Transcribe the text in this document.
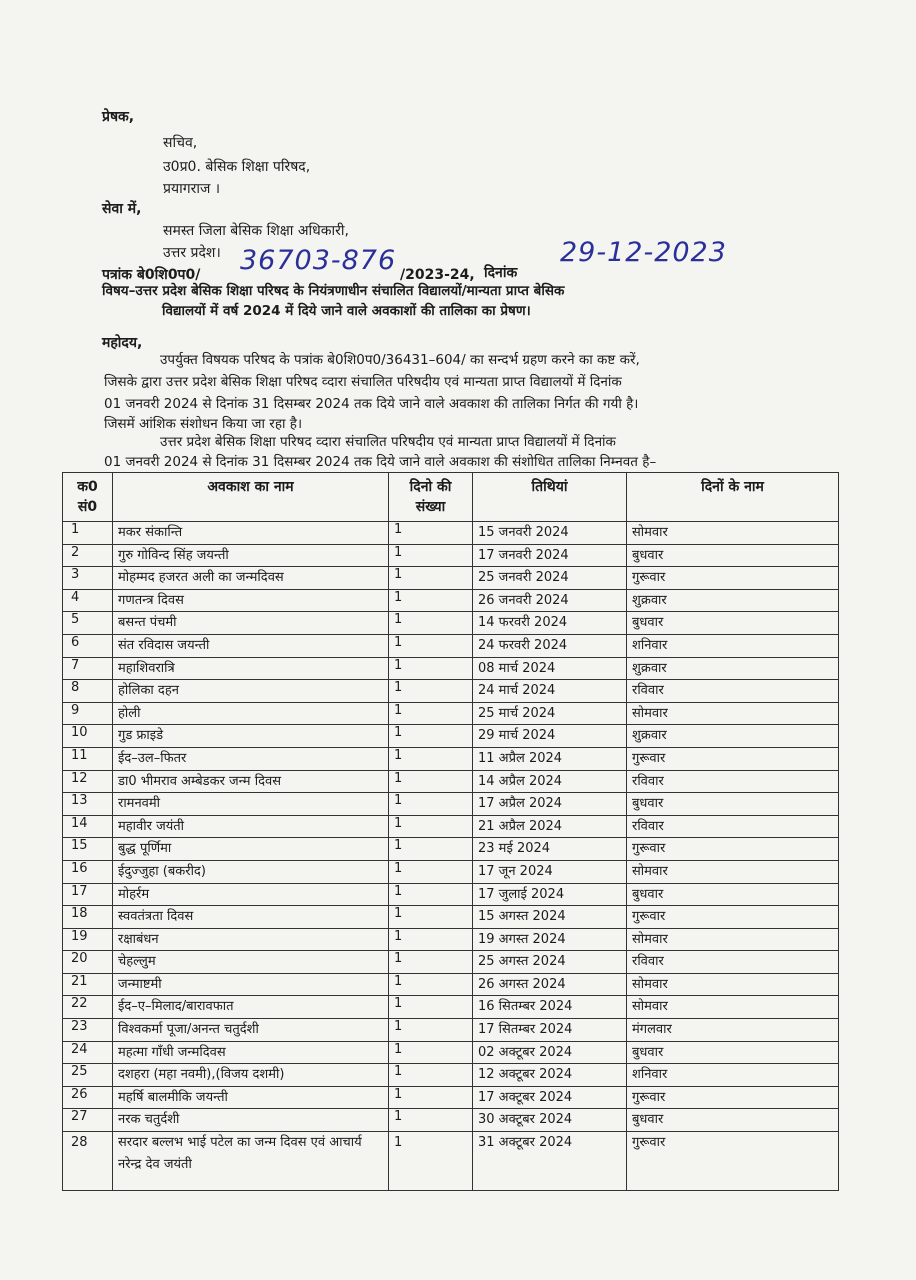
प्रेषक,
सचिव,
उ0प्र0. बेसिक शिक्षा परिषद,
प्रयागराज ।
सेवा में,
समस्त जिला बेसिक शिक्षा अधिकारी,
उत्तर प्रदेश।
पत्रांक बे0शि0प0/ 36703-876 /2023-24, दिनांक
29-12-2023
विषय–उत्तर प्रदेश बेसिक शिक्षा परिषद के नियंत्रणाधीन संचालित विद्यालयों/मान्यता प्राप्त बेसिक
विद्यालयों में वर्ष 2024 में दिये जाने वाले अवकाशों की तालिका का प्रेषण।
महोदय,
उपर्युक्त विषयक परिषद के पत्रांक बे0शि0प0/36431–604/ का सन्दर्भ ग्रहण करने का कष्ट करें,
जिसके द्वारा उत्तर प्रदेश बेसिक शिक्षा परिषद व्दारा संचालित परिषदीय एवं मान्यता प्राप्त विद्यालयों में दिनांक
01 जनवरी 2024 से दिनांक 31 दिसम्बर 2024 तक दिये जाने वाले अवकाश की तालिका निर्गत की गयी है।
जिसमें आंशिक संशोधन किया जा रहा है।
उत्तर प्रदेश बेसिक शिक्षा परिषद व्दारा संचालित परिषदीय एवं मान्यता प्राप्त विद्यालयों में दिनांक
01 जनवरी 2024 से दिनांक 31 दिसम्बर 2024 तक दिये जाने वाले अवकाश की संशोधित तालिका निम्नवत है–
क0 सं0	अवकाश का नाम	दिनो की संख्या	तिथियां	दिनों के नाम
1	मकर संकान्ति	1	15 जनवरी 2024	सोमवार
2	गुरु गोविन्द सिंह जयन्ती	1	17 जनवरी 2024	बुधवार
3	मोहम्मद हजरत अली का जन्मदिवस	1	25 जनवरी 2024	गुरूवार
4	गणतन्त्र दिवस	1	26 जनवरी 2024	शुक्रवार
5	बसन्त पंचमी	1	14 फरवरी 2024	बुधवार
6	संत रविदास जयन्ती	1	24 फरवरी 2024	शनिवार
7	महाशिवरात्रि	1	08 मार्च 2024	शुक्रवार
8	होलिका दहन	1	24 मार्च 2024	रविवार
9	होली	1	25 मार्च 2024	सोमवार
10	गुड फ्राइडे	1	29 मार्च 2024	शुक्रवार
11	ईद–उल–फितर	1	11 अप्रैल 2024	गुरूवार
12	डा0 भीमराव अम्बेडकर जन्म दिवस	1	14 अप्रैल 2024	रविवार
13	रामनवमी	1	17 अप्रैल 2024	बुधवार
14	महावीर जयंती	1	21 अप्रैल 2024	रविवार
15	बुद्ध पूर्णिमा	1	23 मई 2024	गुरूवार
16	ईदुज्जुहा (बकरीद)	1	17 जून 2024	सोमवार
17	मोहर्रम	1	17 जुलाई 2024	बुधवार
18	स्ववतंत्रता दिवस	1	15 अगस्त 2024	गुरूवार
19	रक्षाबंधन	1	19 अगस्त 2024	सोमवार
20	चेहल्लुम	1	25 अगस्त 2024	रविवार
21	जन्माष्टमी	1	26 अगस्त 2024	सोमवार
22	ईद–ए–मिलाद/बारावफात	1	16 सितम्बर 2024	सोमवार
23	विश्वकर्मा पूजा/अनन्त चतुर्दशी	1	17 सितम्बर 2024	मंगलवार
24	महत्मा गाँधी जन्मदिवस	1	02 अक्टूबर 2024	बुधवार
25	दशहरा (महा नवमी),(विजय दशमी)	1	12 अक्टूबर 2024	शनिवार
26	महर्षि बालमीकि जयन्ती	1	17 अक्टूबर 2024	गुरूवार
27	नरक चतुर्दशी	1	30 अक्टूबर 2024	बुधवार
28	सरदार बल्लभ भाई पटेल का जन्म दिवस एवं आचार्य नरेन्द्र देव जयंती	1	31 अक्टूबर 2024	गुरूवार
